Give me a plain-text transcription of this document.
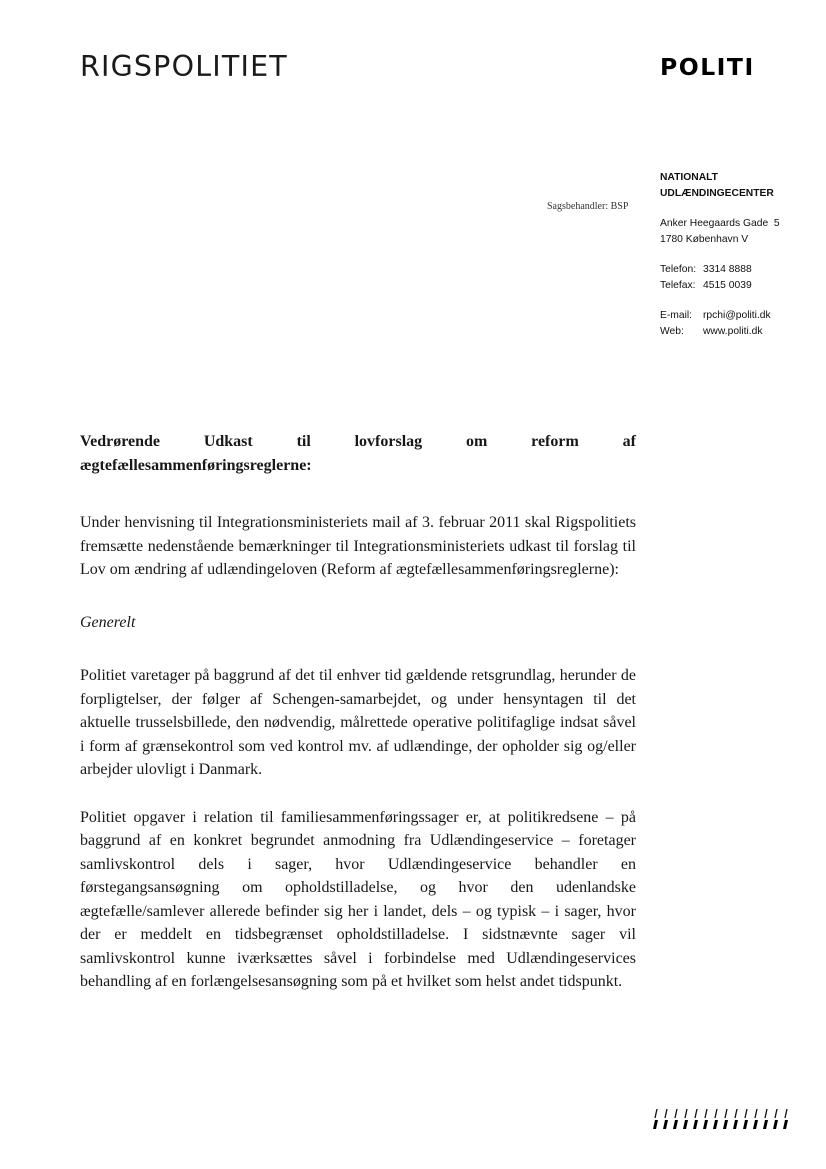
RIGSPOLITIET	POLITI
Sagsbehandler: BSP
NATIONALT
UDLÆNDINGECENTER
Anker Heegaards Gade  5
1780 København V
Telefon: 3314 8888
Telefax: 4515 0039
E-mail: rpchi@politi.dk
Web: www.politi.dk
Vedrørende	Udkast	til	lovforslag	om	reform	af
ægtefællesammenføringsreglerne:

Under henvisning til Integrationsministeriets mail af 3. februar 2011 skal Rigspolitiets fremsætte nedenstående bemærkninger til Integrationsministeriets udkast til forslag til Lov om ændring af udlændingeloven (Reform af ægtefællesammenføringsreglerne):

Generelt

Politiet varetager på baggrund af det til enhver tid gældende retsgrundlag, herunder de forpligtelser, der følger af Schengen-samarbejdet, og under hensyntagen til det aktuelle trusselsbillede, den nødvendig, målrettede operative politifaglige indsat såvel i form af grænsekontrol som ved kontrol mv. af udlændinge, der opholder sig og/eller arbejder ulovligt i Danmark.

Politiet opgaver i relation til familiesammenføringssager er, at politikredsene – på baggrund af en konkret begrundet anmodning fra Udlændingeservice – foretager samlivskontrol dels i sager, hvor Udlændingeservice behandler en førstegangsansøgning om opholdstilladelse, og hvor den udenlandske ægtefælle/samlever allerede befinder sig her i landet, dels – og typisk – i sager, hvor der er meddelt en tidsbegrænset opholdstilladelse. I sidstnævnte sager vil samlivskontrol kunne iværksættes såvel i forbindelse med Udlændingeservices behandling af en forlængelsesansøgning som på et hvilket som helst andet tidspunkt.
